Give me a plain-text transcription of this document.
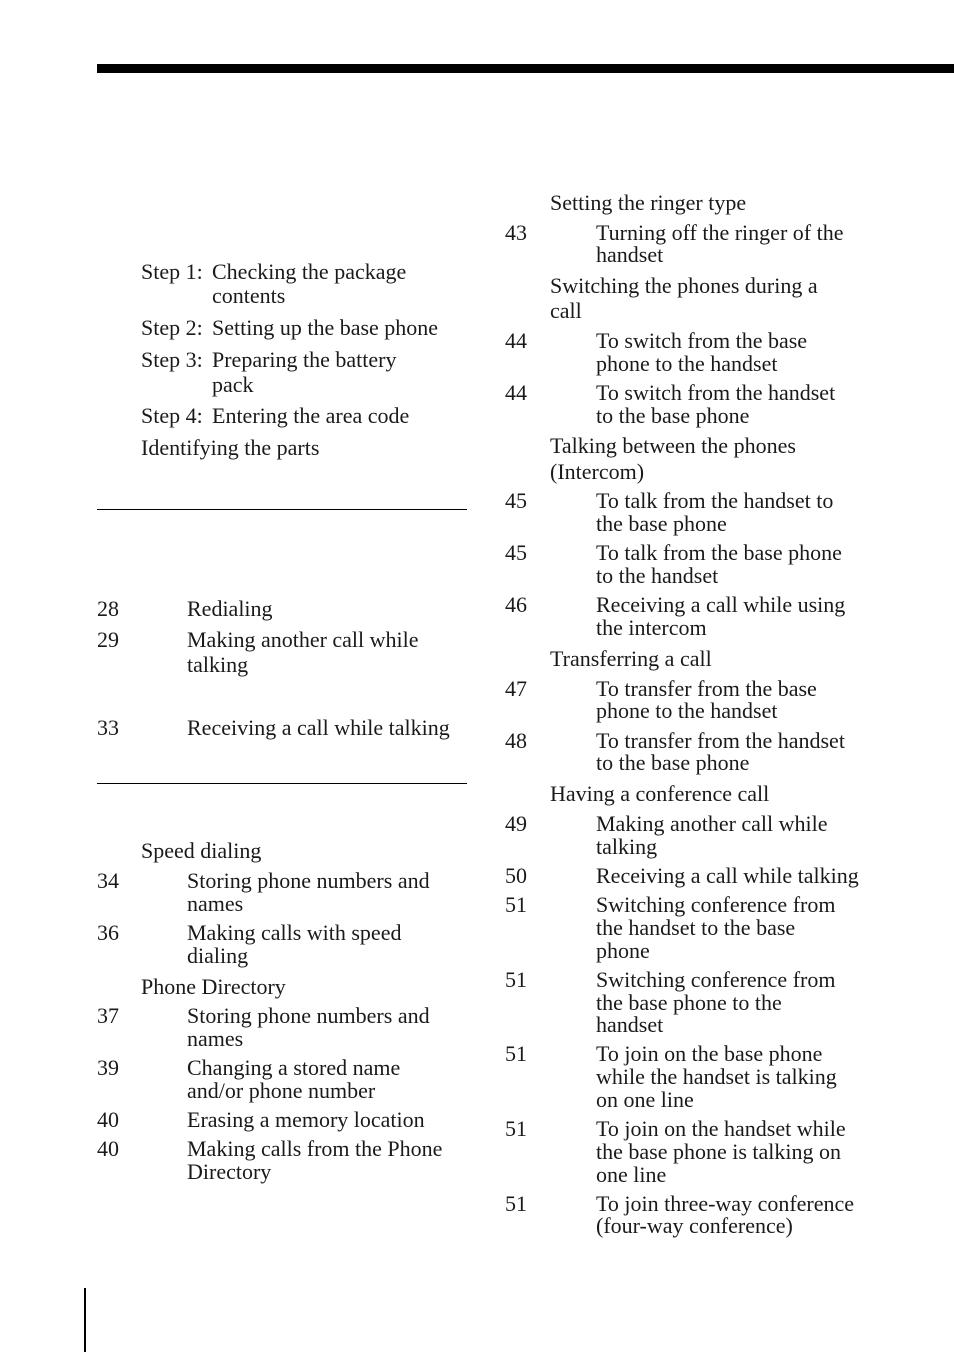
Step 1: Checking the package
contents
Step 2: Setting up the base phone
Step 3: Preparing the battery
pack
Step 4: Entering the area code
Identifying the parts
28	Redialing
29	Making another call while
talking
33	Receiving a call while talking
Speed dialing
34	Storing phone numbers and
names
36	Making calls with speed
dialing
Phone Directory
37	Storing phone numbers and
names
39	Changing a stored name
and/or phone number
40	Erasing a memory location
40	Making calls from the Phone
Directory
Setting the ringer type
43	Turning off the ringer of the
handset
Switching the phones during a
call
44	To switch from the base
phone to the handset
44	To switch from the handset
to the base phone
Talking between the phones
(Intercom)
45	To talk from the handset to
the base phone
45	To talk from the base phone
to the handset
46	Receiving a call while using
the intercom
Transferring a call
47	To transfer from the base
phone to the handset
48	To transfer from the handset
to the base phone
Having a conference call
49	Making another call while
talking
50	Receiving a call while talking
51	Switching conference from
the handset to the base
phone
51	Switching conference from
the base phone to the
handset
51	To join on the base phone
while the handset is talking
on one line
51	To join on the handset while
the base phone is talking on
one line
51	To join three-way conference
(four-way conference)
